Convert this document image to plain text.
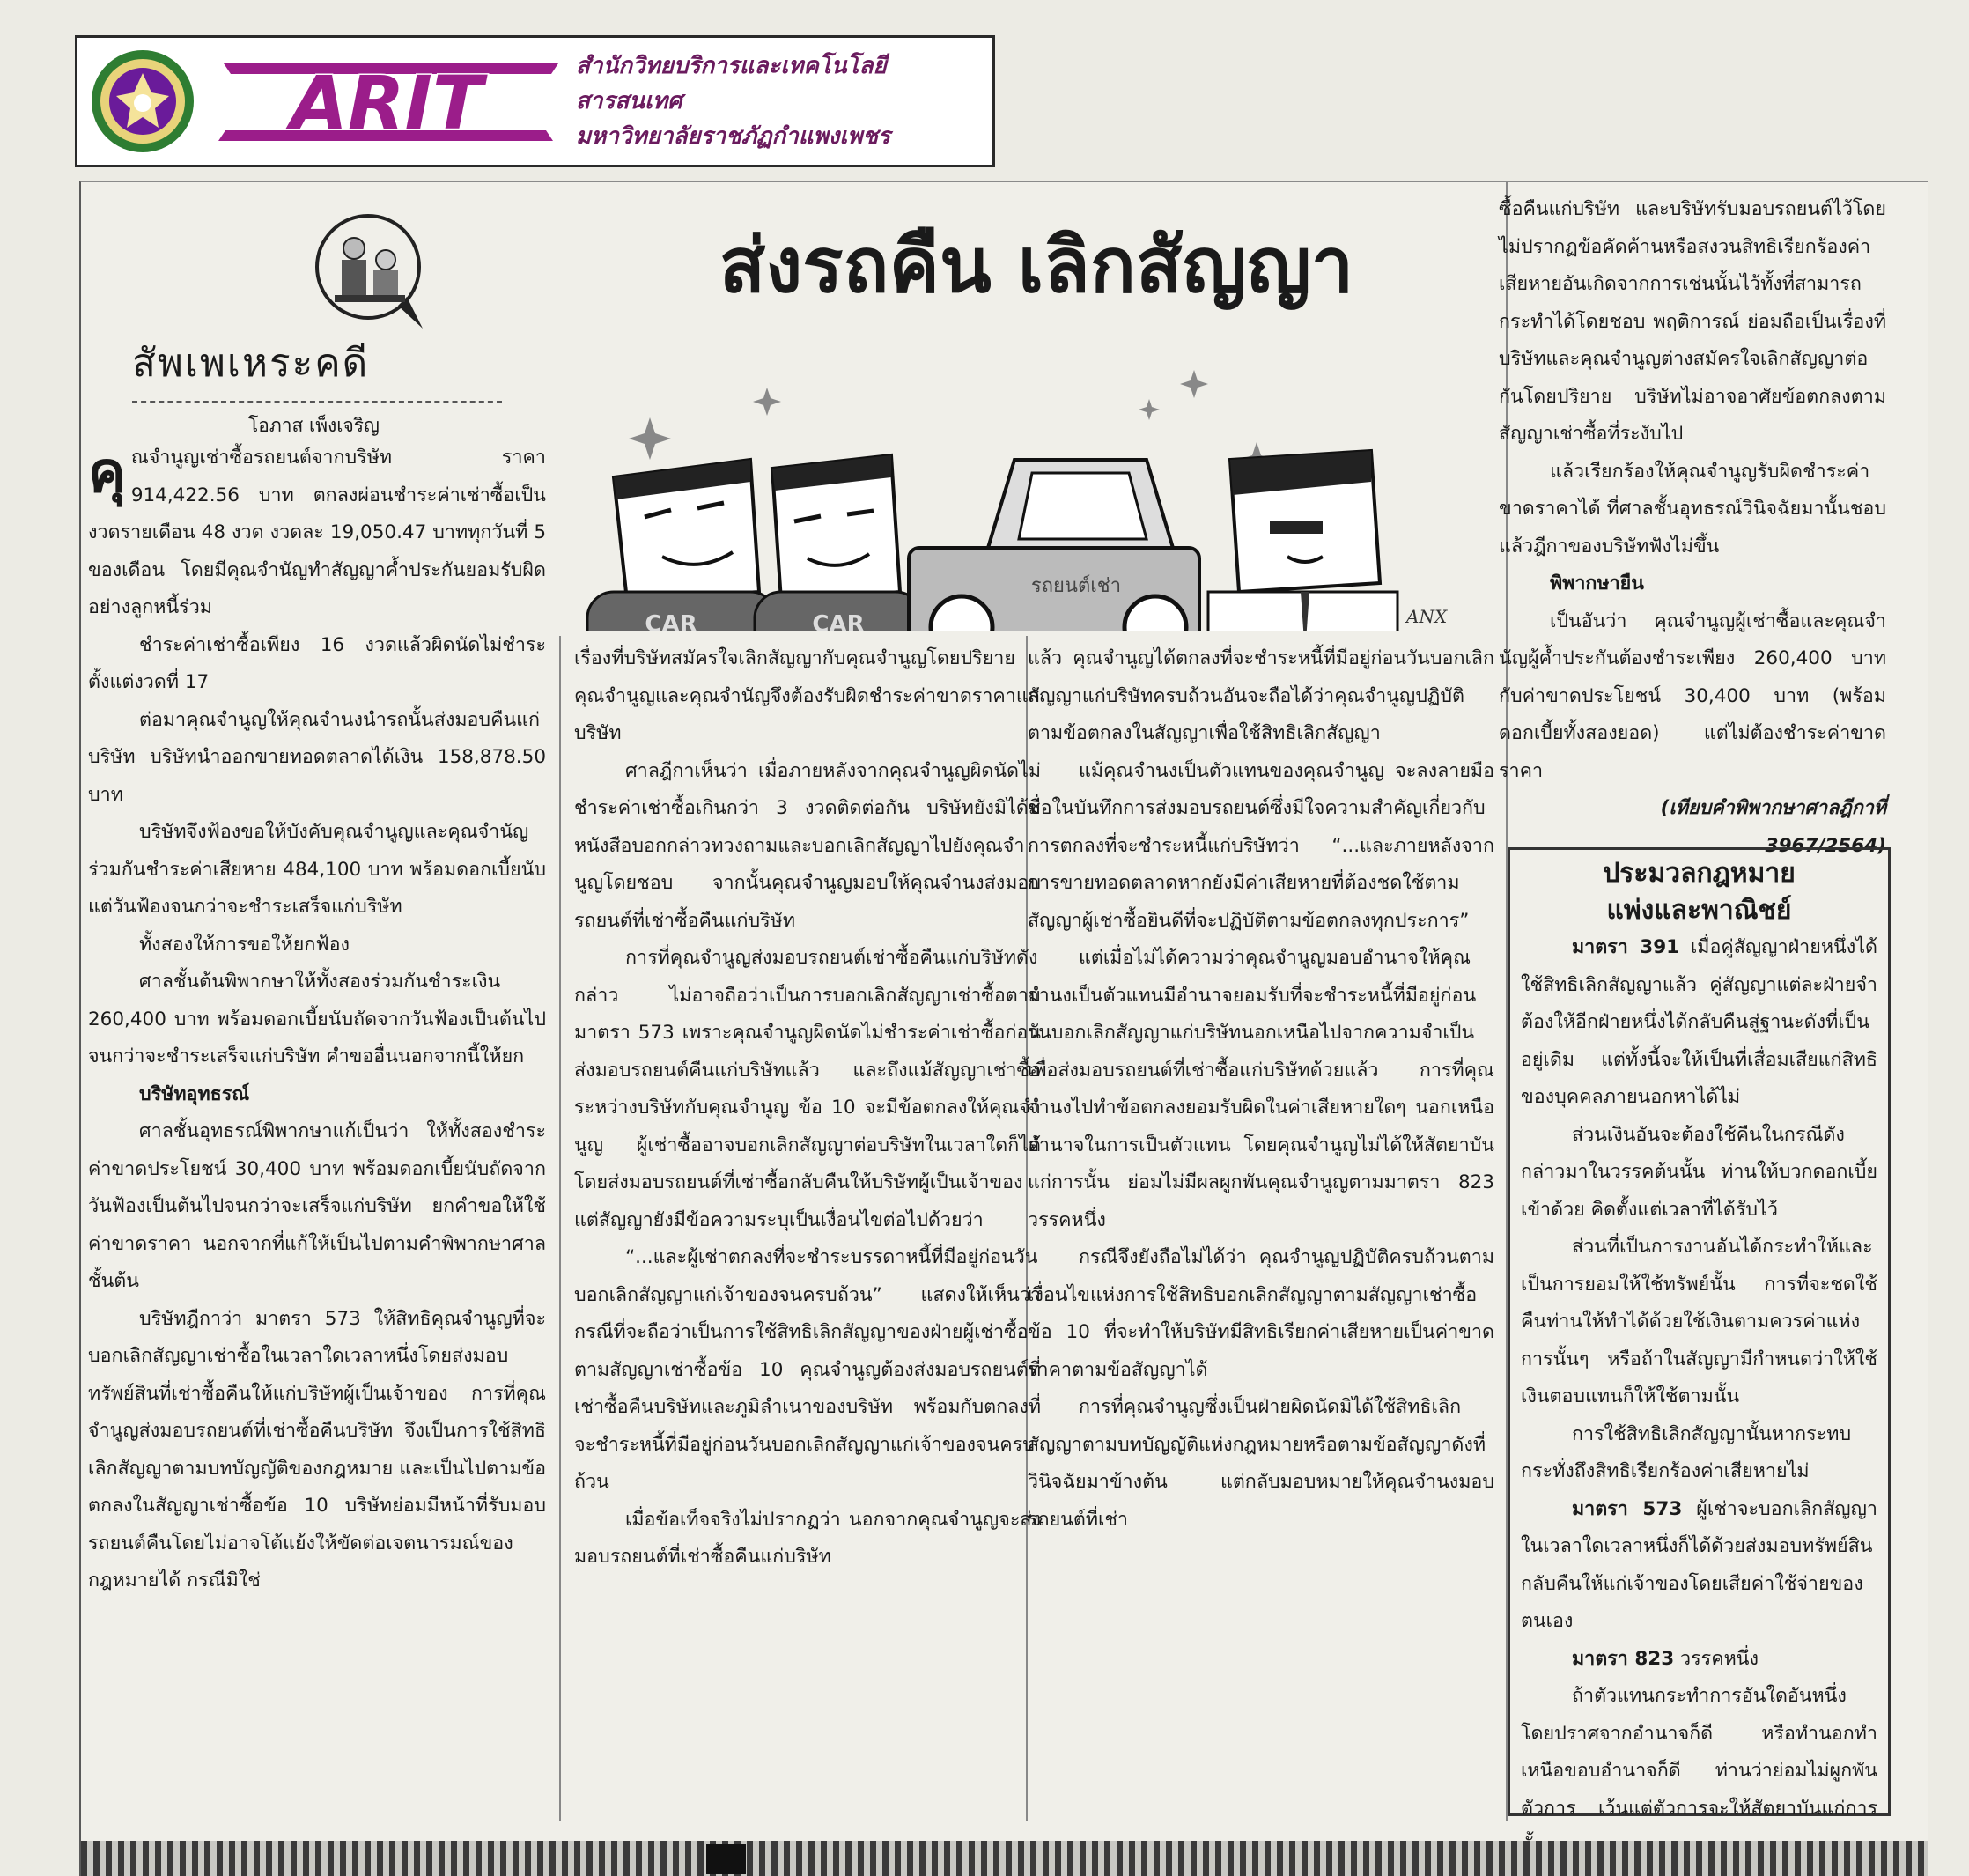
ARIT	สำนักวิทยบริการและเทคโนโลยีสารสนเทศ
มหาวิทยาลัยราชภัฏกำแพงเพชร
สัพเพเหระคดี
โอภาส เพ็งเจริญ
ส่งรถคืน เลิกสัญญา
CAR	CAR
รถยนต์เช่า
ANX

คุณจำนูญเช่าซื้อรถยนต์จากบริษัท ราคา 914,422.56 บาท ตกลงผ่อนชำระค่าเช่าซื้อเป็นงวดรายเดือน 48 งวด งวดละ 19,050.47 บาททุกวันที่ 5 ของเดือน โดยมีคุณจำนัญทำสัญญาค้ำประกันยอมรับผิดอย่างลูกหนี้ร่วม

ชำระค่าเช่าซื้อเพียง 16 งวดแล้วผิดนัดไม่ชำระตั้งแต่งวดที่ 17

ต่อมาคุณจำนูญให้คุณจำนงนำรถนั้นส่งมอบคืนแก่บริษัท บริษัทนำออกขายทอดตลาดได้เงิน 158,878.50 บาท

บริษัทจึงฟ้องขอให้บังคับคุณจำนูญและคุณจำนัญร่วมกันชำระค่าเสียหาย 484,100 บาท พร้อมดอกเบี้ยนับแต่วันฟ้องจนกว่าจะชำระเสร็จแก่บริษัท

ทั้งสองให้การขอให้ยกฟ้อง

ศาลชั้นต้นพิพากษาให้ทั้งสองร่วมกันชำระเงิน 260,400 บาท พร้อมดอกเบี้ยนับถัดจากวันฟ้องเป็นต้นไปจนกว่าจะชำระเสร็จแก่บริษัท คำขออื่นนอกจากนี้ให้ยก

บริษัทอุทธรณ์

ศาลชั้นอุทธรณ์พิพากษาแก้เป็นว่า ให้ทั้งสองชำระค่าขาดประโยชน์ 30,400 บาท พร้อมดอกเบี้ยนับถัดจากวันฟ้องเป็นต้นไปจนกว่าจะเสร็จแก่บริษัท ยกคำขอให้ใช้ค่าขาดราคา นอกจากที่แก้ให้เป็นไปตามคำพิพากษาศาลชั้นต้น

บริษัทฎีกาว่า มาตรา 573 ให้สิทธิคุณจำนูญที่จะบอกเลิกสัญญาเช่าซื้อในเวลาใดเวลาหนึ่งโดยส่งมอบทรัพย์สินที่เช่าซื้อคืนให้แก่บริษัทผู้เป็นเจ้าของ การที่คุณจำนูญส่งมอบรถยนต์ที่เช่าซื้อคืนบริษัท จึงเป็นการใช้สิทธิเลิกสัญญาตามบทบัญญัติของกฎหมาย และเป็นไปตามข้อตกลงในสัญญาเช่าซื้อข้อ 10 บริษัทย่อมมีหน้าที่รับมอบรถยนต์คืนโดยไม่อาจโต้แย้งให้ขัดต่อเจตนารมณ์ของกฎหมายได้ กรณีมิใช่

เรื่องที่บริษัทสมัครใจเลิกสัญญากับคุณจำนูญโดยปริยาย คุณจำนูญและคุณจำนัญจึงต้องรับผิดชำระค่าขาดราคาแก่บริษัท

ศาลฎีกาเห็นว่า เมื่อภายหลังจากคุณจำนูญผิดนัดไม่ชำระค่าเช่าซื้อเกินกว่า 3 งวดติดต่อกัน บริษัทยังมิได้มีหนังสือบอกกล่าวทวงถามและบอกเลิกสัญญาไปยังคุณจำนูญโดยชอบ จากนั้นคุณจำนูญมอบให้คุณจำนงส่งมอบรถยนต์ที่เช่าซื้อคืนแก่บริษัท

การที่คุณจำนูญส่งมอบรถยนต์เช่าซื้อคืนแก่บริษัทดังกล่าว ไม่อาจถือว่าเป็นการบอกเลิกสัญญาเช่าซื้อตามมาตรา 573 เพราะคุณจำนูญผิดนัดไม่ชำระค่าเช่าซื้อก่อนส่งมอบรถยนต์คืนแก่บริษัทแล้ว และถึงแม้สัญญาเช่าซื้อระหว่างบริษัทกับคุณจำนูญ ข้อ 10 จะมีข้อตกลงให้คุณจำนูญ ผู้เช่าซื้ออาจบอกเลิกสัญญาต่อบริษัทในเวลาใดก็ได้โดยส่งมอบรถยนต์ที่เช่าซื้อกลับคืนให้บริษัทผู้เป็นเจ้าของ แต่สัญญายังมีข้อความระบุเป็นเงื่อนไขต่อไปด้วยว่า

“...และผู้เช่าตกลงที่จะชำระบรรดาหนี้ที่มีอยู่ก่อนวันบอกเลิกสัญญาแก่เจ้าของจนครบถ้วน” แสดงให้เห็นว่า กรณีที่จะถือว่าเป็นการใช้สิทธิเลิกสัญญาของฝ่ายผู้เช่าซื้อตามสัญญาเช่าซื้อข้อ 10 คุณจำนูญต้องส่งมอบรถยนต์ที่เช่าซื้อคืนบริษัทและภูมิลำเนาของบริษัท พร้อมกับตกลงที่จะชำระหนี้ที่มีอยู่ก่อนวันบอกเลิกสัญญาแก่เจ้าของจนครบถ้วน

เมื่อข้อเท็จจริงไม่ปรากฏว่า นอกจากคุณจำนูญจะส่งมอบรถยนต์ที่เช่าซื้อคืนแก่บริษัท

แล้ว คุณจำนูญได้ตกลงที่จะชำระหนี้ที่มีอยู่ก่อนวันบอกเลิกสัญญาแก่บริษัทครบถ้วนอันจะถือได้ว่าคุณจำนูญปฏิบัติตามข้อตกลงในสัญญาเพื่อใช้สิทธิเลิกสัญญา

แม้คุณจำนงเป็นตัวแทนของคุณจำนูญ จะลงลายมือชื่อในบันทึกการส่งมอบรถยนต์ซึ่งมีใจความสำคัญเกี่ยวกับการตกลงที่จะชำระหนี้แก่บริษัทว่า “...และภายหลังจากการขายทอดตลาดหากยังมีค่าเสียหายที่ต้องชดใช้ตามสัญญาผู้เช่าซื้อยินดีที่จะปฏิบัติตามข้อตกลงทุกประการ”

แต่เมื่อไม่ได้ความว่าคุณจำนูญมอบอำนาจให้คุณจำนงเป็นตัวแทนมีอำนาจยอมรับที่จะชำระหนี้ที่มีอยู่ก่อนวันบอกเลิกสัญญาแก่บริษัทนอกเหนือไปจากความจำเป็นเพื่อส่งมอบรถยนต์ที่เช่าซื้อแก่บริษัทด้วยแล้ว การที่คุณจำนงไปทำข้อตกลงยอมรับผิดในค่าเสียหายใดๆ นอกเหนืออำนาจในการเป็นตัวแทน โดยคุณจำนูญไม่ได้ให้สัตยาบันแก่การนั้น ย่อมไม่มีผลผูกพันคุณจำนูญตามมาตรา 823 วรรคหนึ่ง

กรณีจึงยังถือไม่ได้ว่า คุณจำนูญปฏิบัติครบถ้วนตามเงื่อนไขแห่งการใช้สิทธิบอกเลิกสัญญาตามสัญญาเช่าซื้อข้อ 10 ที่จะทำให้บริษัทมีสิทธิเรียกค่าเสียหายเป็นค่าขาดราคาตามข้อสัญญาได้

การที่คุณจำนูญซึ่งเป็นฝ่ายผิดนัดมิได้ใช้สิทธิเลิกสัญญาตามบทบัญญัติแห่งกฎหมายหรือตามข้อสัญญาดังที่วินิจฉัยมาข้างต้น แต่กลับมอบหมายให้คุณจำนงมอบรถยนต์ที่เช่า

ซื้อคืนแก่บริษัท และบริษัทรับมอบรถยนต์ไว้โดยไม่ปรากฏข้อคัดค้านหรือสงวนสิทธิเรียกร้องค่าเสียหายอันเกิดจากการเช่นนั้นไว้ทั้งที่สามารถกระทำได้โดยชอบ พฤติการณ์ ย่อมถือเป็นเรื่องที่บริษัทและคุณจำนูญต่างสมัครใจเลิกสัญญาต่อกันโดยปริยาย บริษัทไม่อาจอาศัยข้อตกลงตามสัญญาเช่าซื้อที่ระงับไป

แล้วเรียกร้องให้คุณจำนูญรับผิดชำระค่าขาดราคาได้ ที่ศาลชั้นอุทธรณ์วินิจฉัยมานั้นชอบแล้วฎีกาของบริษัทฟังไม่ขึ้น

พิพากษายืน

เป็นอันว่า คุณจำนูญผู้เช่าซื้อและคุณจำนัญผู้ค้ำประกันต้องชำระเพียง 260,400 บาท กับค่าขาดประโยชน์ 30,400 บาท (พร้อมดอกเบี้ยทั้งสองยอด) แต่ไม่ต้องชำระค่าขาดราคา

(เทียบคำพิพากษาศาลฎีกาที่ 3967/2564)

ประมวลกฎหมาย
แพ่งและพาณิชย์

มาตรา 391 เมื่อคู่สัญญาฝ่ายหนึ่งได้ใช้สิทธิเลิกสัญญาแล้ว คู่สัญญาแต่ละฝ่ายจำต้องให้อีกฝ่ายหนึ่งได้กลับคืนสู่ฐานะดังที่เป็นอยู่เดิม แต่ทั้งนี้จะให้เป็นที่เสื่อมเสียแก่สิทธิของบุคคลภายนอกหาได้ไม่

ส่วนเงินอันจะต้องใช้คืนในกรณีดังกล่าวมาในวรรคต้นนั้น ท่านให้บวกดอกเบี้ยเข้าด้วย คิดตั้งแต่เวลาที่ได้รับไว้

ส่วนที่เป็นการงานอันได้กระทำให้และเป็นการยอมให้ใช้ทรัพย์นั้น การที่จะชดใช้คืนท่านให้ทำได้ด้วยใช้เงินตามควรค่าแห่งการนั้นๆ หรือถ้าในสัญญามีกำหนดว่าให้ใช้เงินตอบแทนก็ให้ใช้ตามนั้น

การใช้สิทธิเลิกสัญญานั้นหากระทบกระทั่งถึงสิทธิเรียกร้องค่าเสียหายไม่

มาตรา 573 ผู้เช่าจะบอกเลิกสัญญาในเวลาใดเวลาหนึ่งก็ได้ด้วยส่งมอบทรัพย์สินกลับคืนให้แก่เจ้าของโดยเสียค่าใช้จ่ายของตนเอง

มาตรา 823 วรรคหนึ่ง

ถ้าตัวแทนกระทำการอันใดอันหนึ่งโดยปราศจากอำนาจก็ดี หรือทำนอกทำเหนือขอบอำนาจก็ดี ท่านว่าย่อมไม่ผูกพันตัวการ เว้นแต่ตัวการจะให้สัตยาบันแก่การ
